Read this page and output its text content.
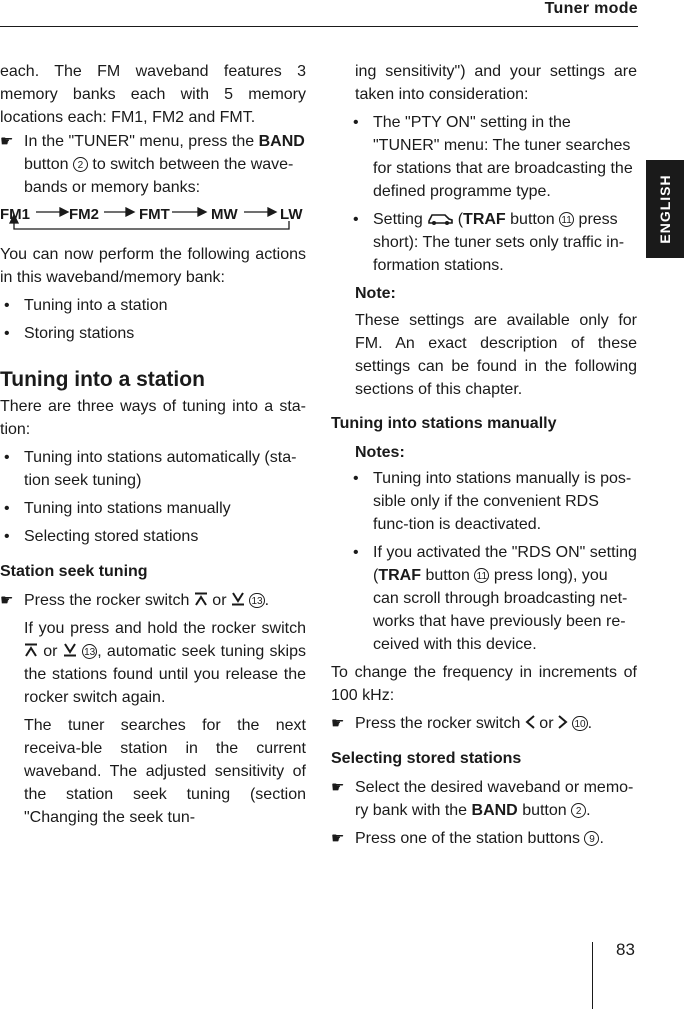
Tuner mode
ENGLISH

each. The FM waveband features 3 memory banks each with 5 memory locations each: FM1, FM2 and FMT.

☛ In the "TUNER" menu, press the BAND button 2 to switch between the wave-bands or memory banks:

FM1	FM2	FMT	MW	LW

You can now perform the following actions in this waveband/memory bank:

• Tuning into a station

• Storing stations

Tuning into a station

There are three ways of tuning into a sta-tion:

• Tuning into stations automatically (sta-tion seek tuning)

• Tuning into stations manually

• Selecting stored stations

Station seek tuning

☛ Press the rocker switch or 13 .

If you press and hold the rocker switch  or	13 , automatic seek tuning skips the stations found until you release the rocker switch again.

The tuner searches for the next receiva-ble station in the current waveband. The adjusted sensitivity of the station seek tuning (section "Changing the seek tun-

ing sensitivity") and your settings are taken into consideration:

• The "PTY ON" setting in the "TUNER" menu: The tuner searches for stations that are broadcasting the defined programme type.

• Setting  (TRAF button 11 press short): The tuner sets only traffic in-formation stations.

Note:

These settings are available only for FM. An exact description of these settings can be found in the following sections of this chapter.

Tuning into stations manually

Notes:

• Tuning into stations manually is pos-sible only if the convenient RDS func-tion is deactivated.

• If you activated the "RDS ON" setting (TRAF button 11 press long), you can scroll through broadcasting net-works that have previously been re-ceived with this device.

To change the frequency in increments of 100 kHz:

☛ Press the rocker switch or 10 .

Selecting stored stations

☛ Select the desired waveband or memo-ry bank with the BAND button 2 .

☛ Press one of the station buttons 9 .

83
